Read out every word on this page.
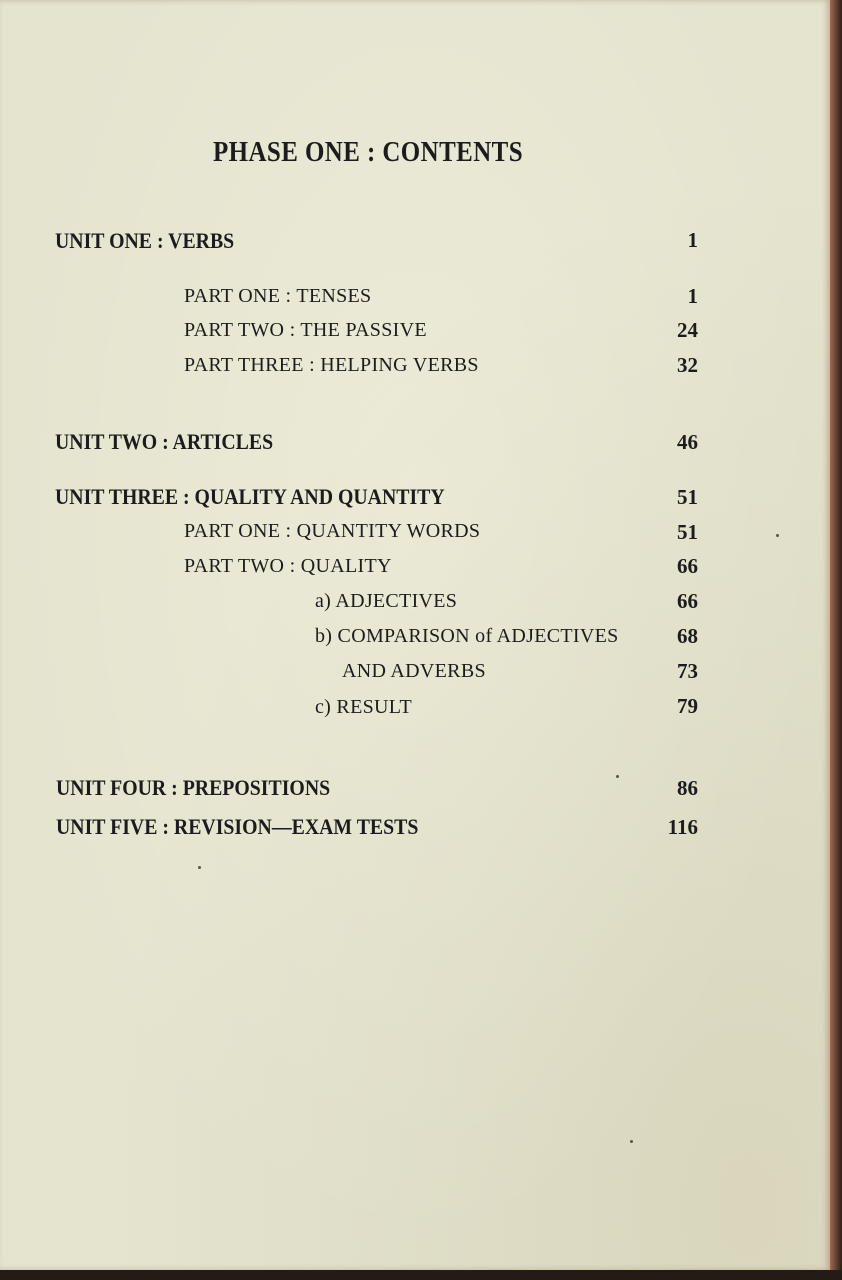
PHASE ONE : CONTENTS
UNIT ONE : VERBS	1
PART ONE : TENSES	1
PART TWO : THE PASSIVE	24
PART THREE : HELPING VERBS	32
UNIT TWO : ARTICLES	46
UNIT THREE : QUALITY AND QUANTITY	51
PART ONE : QUANTITY WORDS	51
PART TWO : QUALITY	66
a) ADJECTIVES	66
b) COMPARISON of ADJECTIVES	68
AND ADVERBS	73
c) RESULT	79
UNIT FOUR : PREPOSITIONS	86
UNIT FIVE : REVISION—EXAM TESTS	116
